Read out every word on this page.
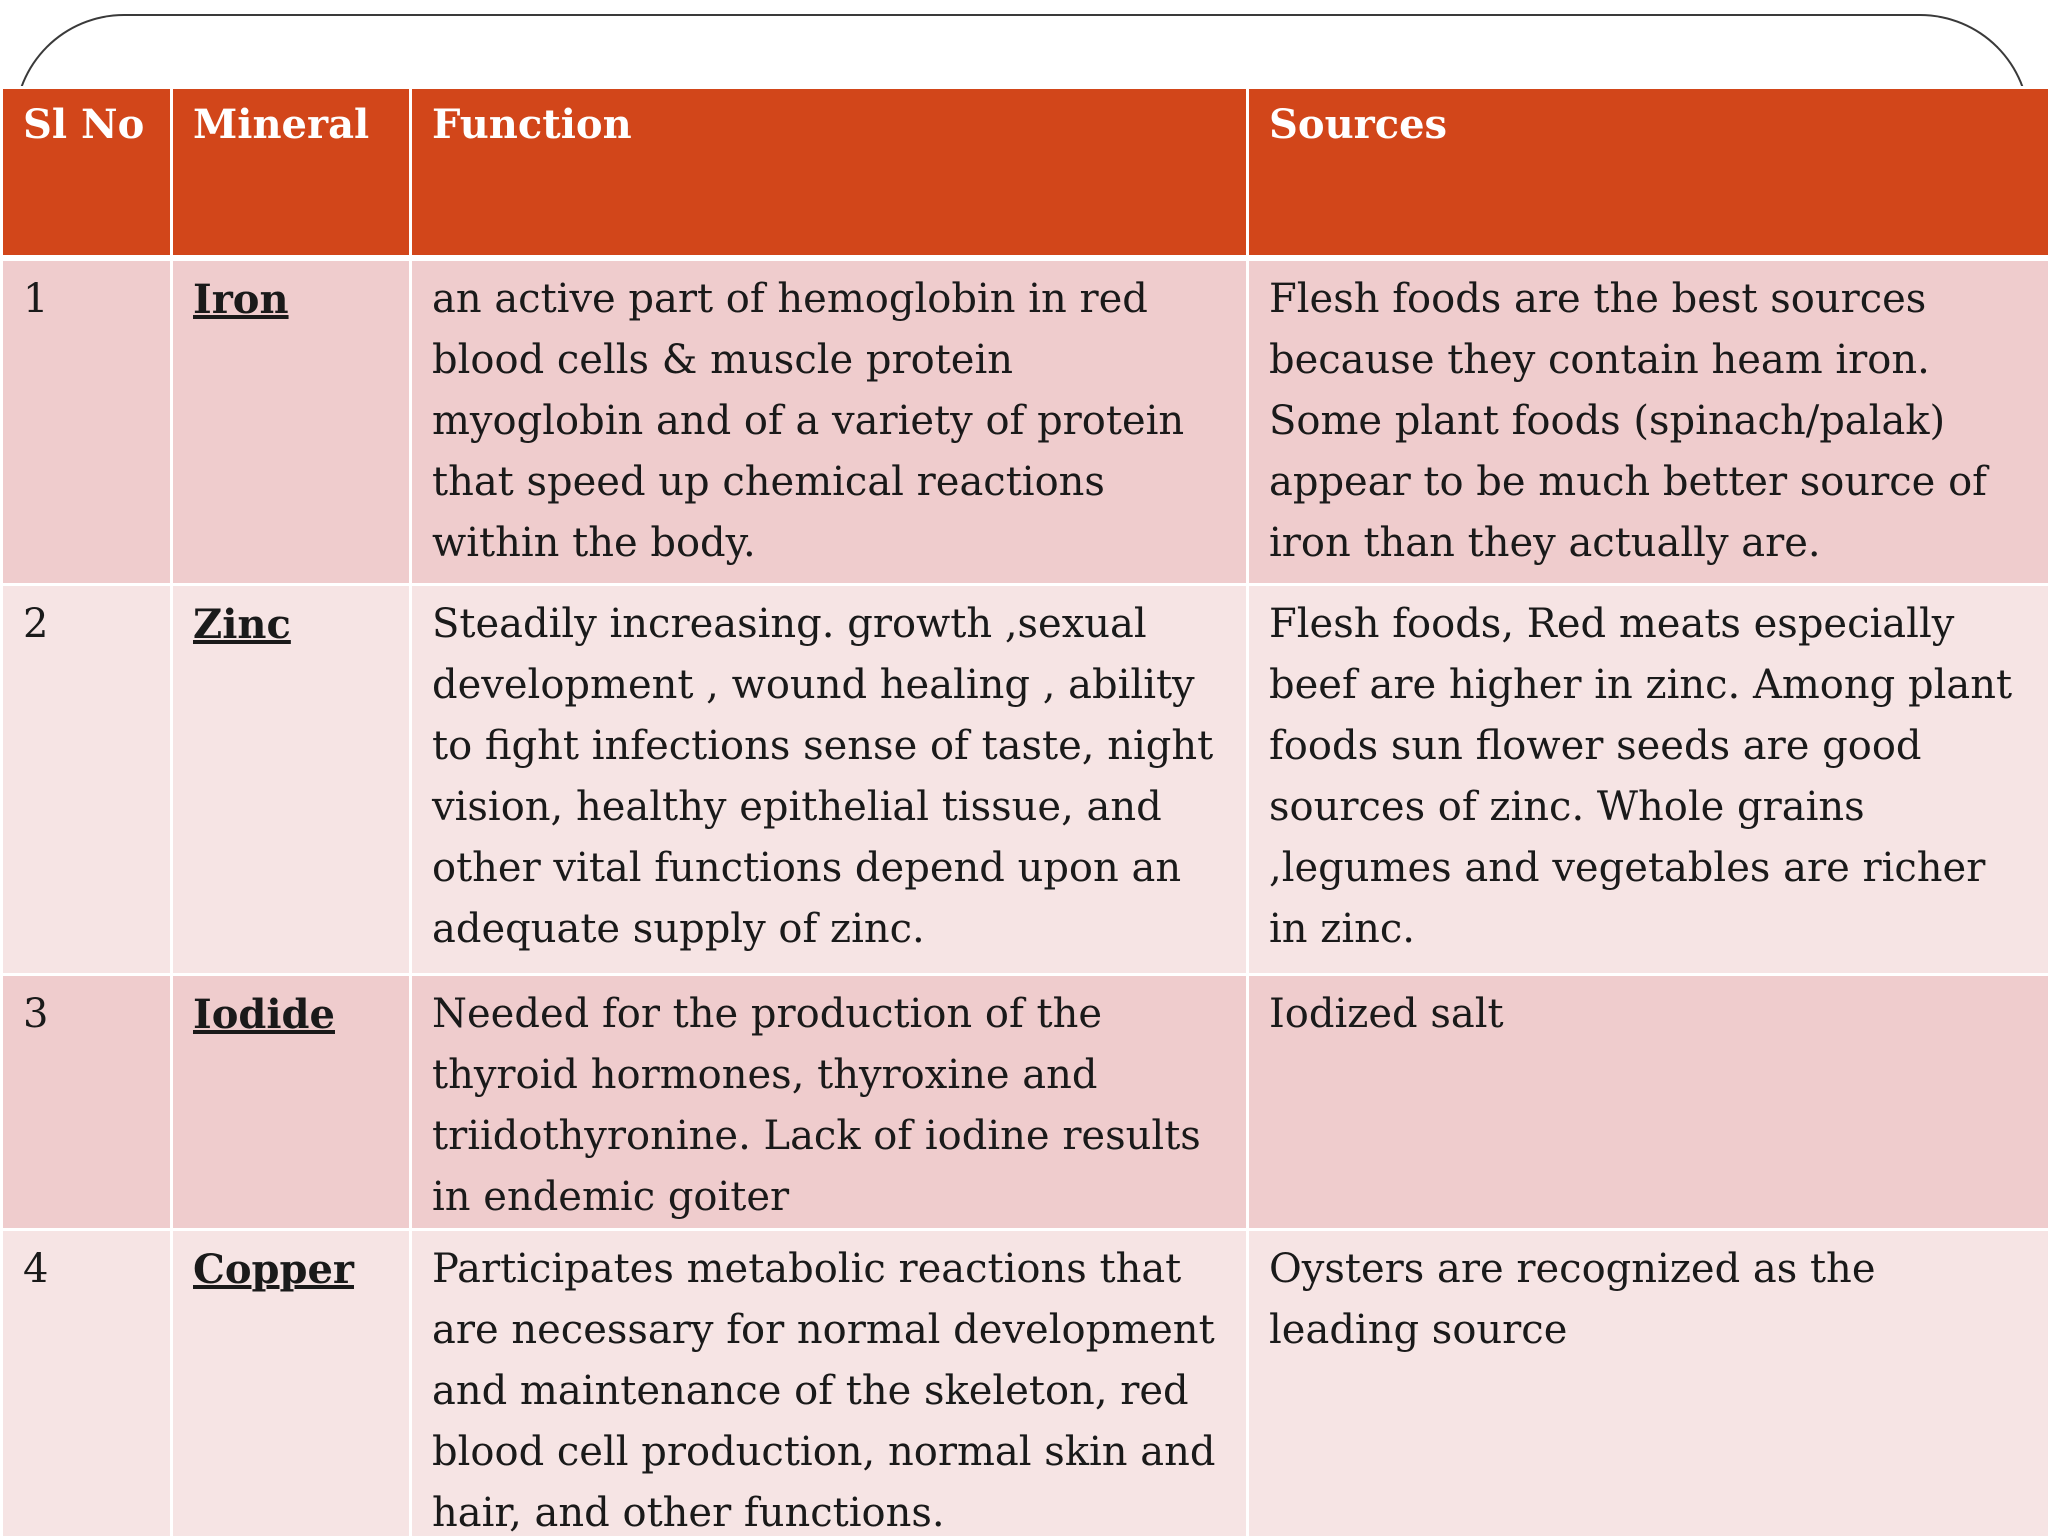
Sl No	Mineral	Function	Sources
1	Iron	an active part of hemoglobin in red blood cells & muscle protein myoglobin and of a variety of protein that speed up chemical reactions within the body.	Flesh foods are the best sources because they contain heam iron. Some plant foods (spinach/palak) appear to be much better source of iron than they actually are.
2	Zinc	Steadily increasing. growth ,sexual development , wound healing , ability to fight infections sense of taste, night vision, healthy epithelial tissue, and other vital functions depend upon an adequate supply of zinc.	Flesh foods, Red meats especially beef are higher in zinc. Among plant foods sun flower seeds are good sources of zinc. Whole grains ,legumes and vegetables are richer in zinc.
3	Iodide	Needed for the production of the thyroid hormones, thyroxine and triidothyronine. Lack of iodine results in endemic goiter	Iodized salt
4	Copper	Participates metabolic reactions that are necessary for normal development and maintenance of the skeleton, red blood cell production, normal skin and hair, and other functions.	Oysters are recognized as the leading source
